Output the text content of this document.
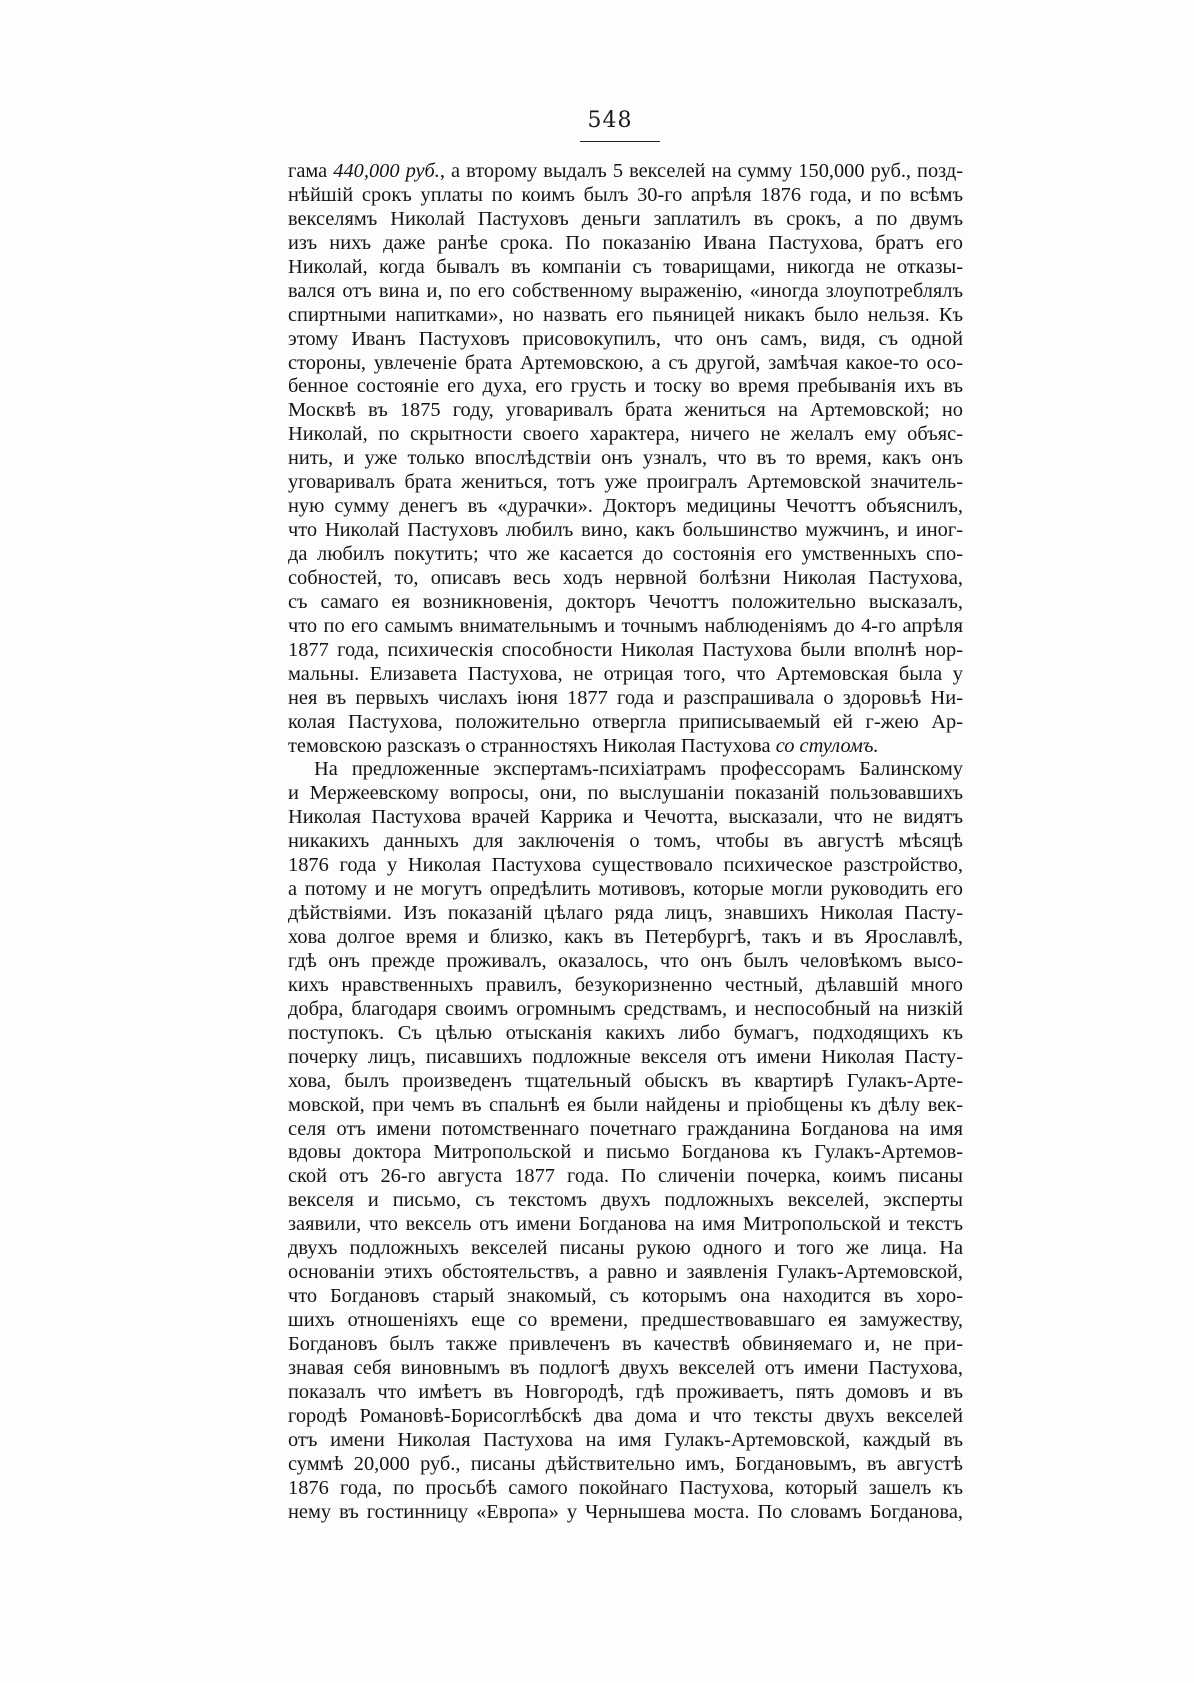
548
гама 440,000 руб., а второму выдалъ 5 векселей на сумму 150,000 руб., позд-
нѣйшій срокъ уплаты по коимъ былъ 30-го апрѣля 1876 года, и по всѣмъ
векселямъ Николай Пастуховъ деньги заплатилъ въ срокъ, а по двумъ
изъ нихъ даже ранѣе срока. По показанію Ивана Пастухова, братъ его
Николай, когда бывалъ въ компаніи съ товарищами, никогда не отказы-
вался отъ вина и, по его собственному выраженію, «иногда злоупотреблялъ
спиртными напитками», но назвать его пьяницей никакъ было нельзя. Къ
этому Иванъ Пастуховъ присовокупилъ, что онъ самъ, видя, съ одной
стороны, увлеченіе брата Артемовскою, а съ другой, замѣчая какое-то осо-
бенное состояніе его духа, его грусть и тоску во время пребыванія ихъ въ
Москвѣ въ 1875 году, уговаривалъ брата жениться на Артемовской; но
Николай, по скрытности своего характера, ничего не желалъ ему объяс-
нить, и уже только впослѣдствіи онъ узналъ, что въ то время, какъ онъ
уговаривалъ брата жениться, тотъ уже проигралъ Артемовской значитель-
ную сумму денегъ въ «дурачки». Докторъ медицины Чечоттъ объяснилъ,
что Николай Пастуховъ любилъ вино, какъ большинство мужчинъ, и иног-
да любилъ покутить; что же касается до состоянія его умственныхъ спо-
собностей, то, описавъ весь ходъ нервной болѣзни Николая Пастухова,
съ самаго ея возникновенія, докторъ Чечоттъ положительно высказалъ,
что по его самымъ внимательнымъ и точнымъ наблюденіямъ до 4-го апрѣля
1877 года, психическія способности Николая Пастухова были вполнѣ нор-
мальны. Елизавета Пастухова, не отрицая того, что Артемовская была у
нея въ первыхъ числахъ іюня 1877 года и разспрашивала о здоровьѣ Ни-
колая Пастухова, положительно отвергла приписываемый ей г-жею Ар-
темовскою разсказъ о странностяхъ Николая Пастухова со стуломъ.
На предложенные экспертамъ-психіатрамъ профессорамъ Балинскому
и Мержеевскому вопросы, они, по выслушаніи показаній пользовавшихъ
Николая Пастухова врачей Каррика и Чечотта, высказали, что не видятъ
никакихъ данныхъ для заключенія о томъ, чтобы въ августѣ мѣсяцѣ
1876 года у Николая Пастухова существовало психическое разстройство,
а потому и не могутъ опредѣлить мотивовъ, которые могли руководить его
дѣйствіями. Изъ показаній цѣлаго ряда лицъ, знавшихъ Николая Пасту-
хова долгое время и близко, какъ въ Петербургѣ, такъ и въ Ярославлѣ,
гдѣ онъ прежде проживалъ, оказалось, что онъ былъ человѣкомъ высо-
кихъ нравственныхъ правилъ, безукоризненно честный, дѣлавшій много
добра, благодаря своимъ огромнымъ средствамъ, и неспособный на низкій
поступокъ. Съ цѣлью отысканія какихъ либо бумагъ, подходящихъ къ
почерку лицъ, писавшихъ подложные векселя отъ имени Николая Пасту-
хова, былъ произведенъ тщательный обыскъ въ квартирѣ Гулакъ-Арте-
мовской, при чемъ въ спальнѣ ея были найдены и пріобщены къ дѣлу век-
селя отъ имени потомственнаго почетнаго гражданина Богданова на имя
вдовы доктора Митропольской и письмо Богданова къ Гулакъ-Артемов-
ской отъ 26-го августа 1877 года. По сличеніи почерка, коимъ писаны
векселя и письмо, съ текстомъ двухъ подложныхъ векселей, эксперты
заявили, что вексель отъ имени Богданова на имя Митропольской и текстъ
двухъ подложныхъ векселей писаны рукою одного и того же лица. На
основаніи этихъ обстоятельствъ, а равно и заявленія Гулакъ-Артемовской,
что Богдановъ старый знакомый, съ которымъ она находится въ хоро-
шихъ отношеніяхъ еще со времени, предшествовавшаго ея замужеству,
Богдановъ былъ также привлеченъ въ качествѣ обвиняемаго и, не при-
знавая себя виновнымъ въ подлогѣ двухъ векселей отъ имени Пастухова,
показалъ что имѣетъ въ Новгородѣ, гдѣ проживаетъ, пять домовъ и въ
городѣ Романовѣ-Борисоглѣбскѣ два дома и что тексты двухъ векселей
отъ имени Николая Пастухова на имя Гулакъ-Артемовской, каждый въ
суммѣ 20,000 руб., писаны дѣйствительно имъ, Богдановымъ, въ августѣ
1876 года, по просьбѣ самого покойнаго Пастухова, который зашелъ къ
нему въ гостинницу «Европа» у Чернышева моста. По словамъ Богданова,
